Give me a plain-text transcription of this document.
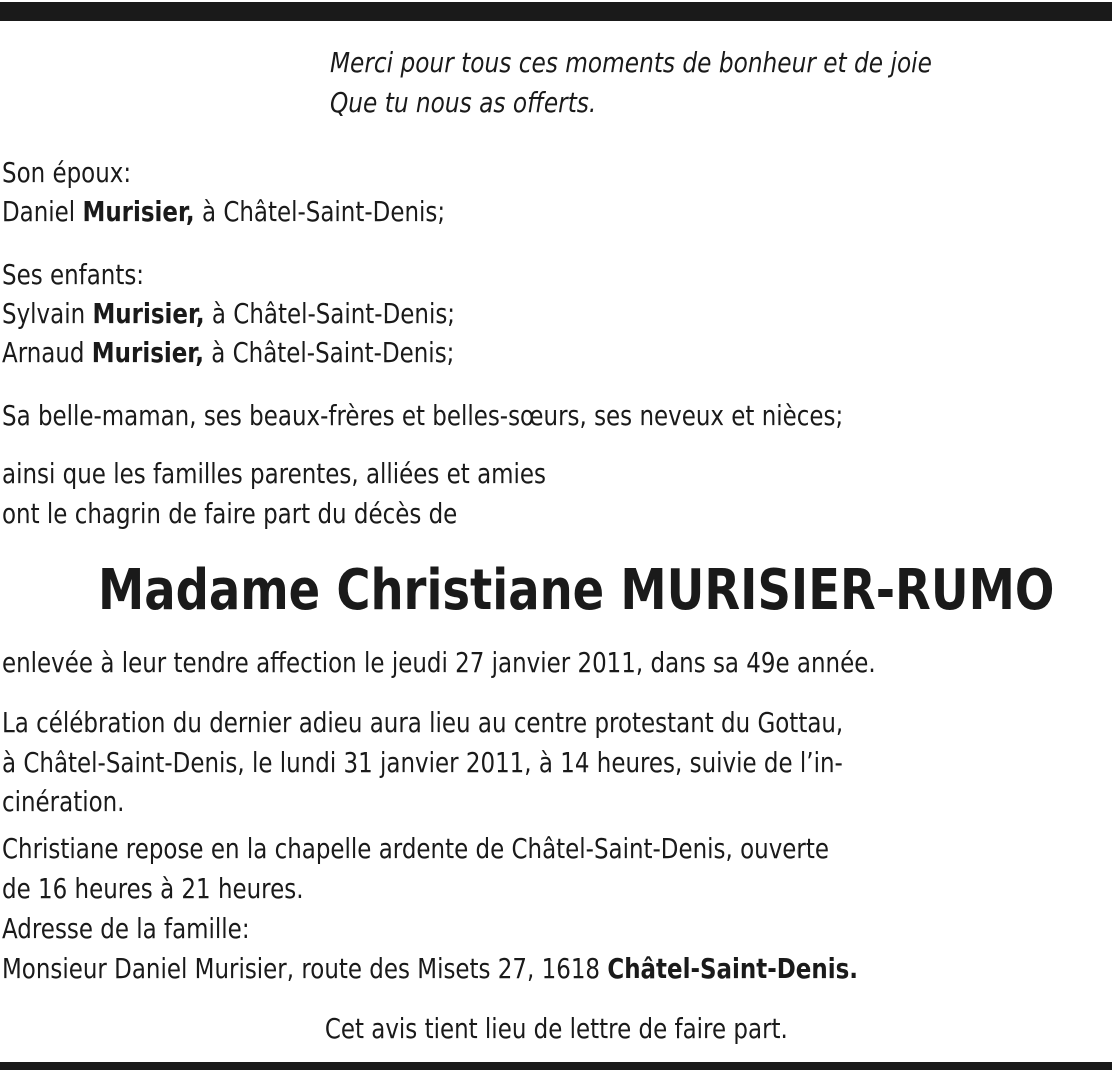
Merci pour tous ces moments de bonheur et de joie
Que tu nous as offerts.
Son époux:
Daniel Murisier, à Châtel-Saint-Denis;
Ses enfants:
Sylvain Murisier, à Châtel-Saint-Denis;
Arnaud Murisier, à Châtel-Saint-Denis;
Sa belle-maman, ses beaux-frères et belles-sœurs, ses neveux et nièces;
ainsi que les familles parentes, alliées et amies
ont le chagrin de faire part du décès de
Madame Christiane MURISIER-RUMO
enlevée à leur tendre affection le jeudi 27 janvier 2011, dans sa 49e année.
La célébration du dernier adieu aura lieu au centre protestant du Gottau,
à Châtel-Saint-Denis, le lundi 31 janvier 2011, à 14 heures, suivie de l’in-
cinération.
Christiane repose en la chapelle ardente de Châtel-Saint-Denis, ouverte
de 16 heures à 21 heures.
Adresse de la famille:
Monsieur Daniel Murisier, route des Misets 27, 1618 Châtel-Saint-Denis.
Cet avis tient lieu de lettre de faire part.
